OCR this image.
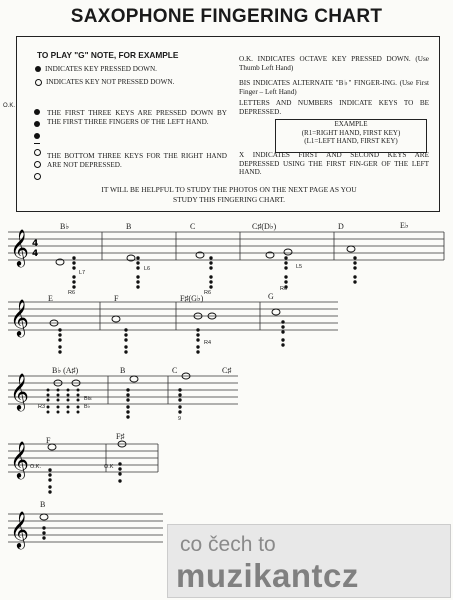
SAXOPHONE FINGERING CHART
TO PLAY "G" NOTE, FOR EXAMPLE
INDICATES KEY PRESSED DOWN.
INDICATES KEY NOT PRESSED DOWN.
O.K.
THE FIRST THREE KEYS ARE PRESSED DOWN BY THE FIRST THREE FINGERS OF THE LEFT HAND.
THE BOTTOM THREE KEYS FOR THE RIGHT HAND ARE NOT DEPRESSED.
O.K. INDICATES OCTAVE KEY PRESSED DOWN. (Use Thumb Left Hand)
BIS INDICATES ALTERNATE "B♭" FINGER-ING. (Use First Finger – Left Hand)
LETTERS AND NUMBERS INDICATE KEYS TO BE DEPRESSED.
EXAMPLE
(R1=RIGHT HAND, FIRST KEY)
(L1=LEFT HAND, FIRST KEY)
X INDICATES FIRST AND SECOND KEYS ARE DEPRESSED USING THE FIRST FIN-GER OF THE LEFT HAND.
IT WILL BE HELPFUL TO STUDY THE PHOTOS ON THE NEXT PAGE AS YOU STUDY THIS FINGERING CHART.
𝄞 4
4
B♭	B	C	C♯(D♭)	D	E♭
L7
R6
L6
R6
L5
R6
𝄞 E	F	F♯(G♭)	G
R4
𝄞
B♭ (A♯)	B	C	C♯
R3
Bis
B♭
9
𝄞 F	F♯
O.K.	O.K
𝄞
B
co čech to
muzikantcz
